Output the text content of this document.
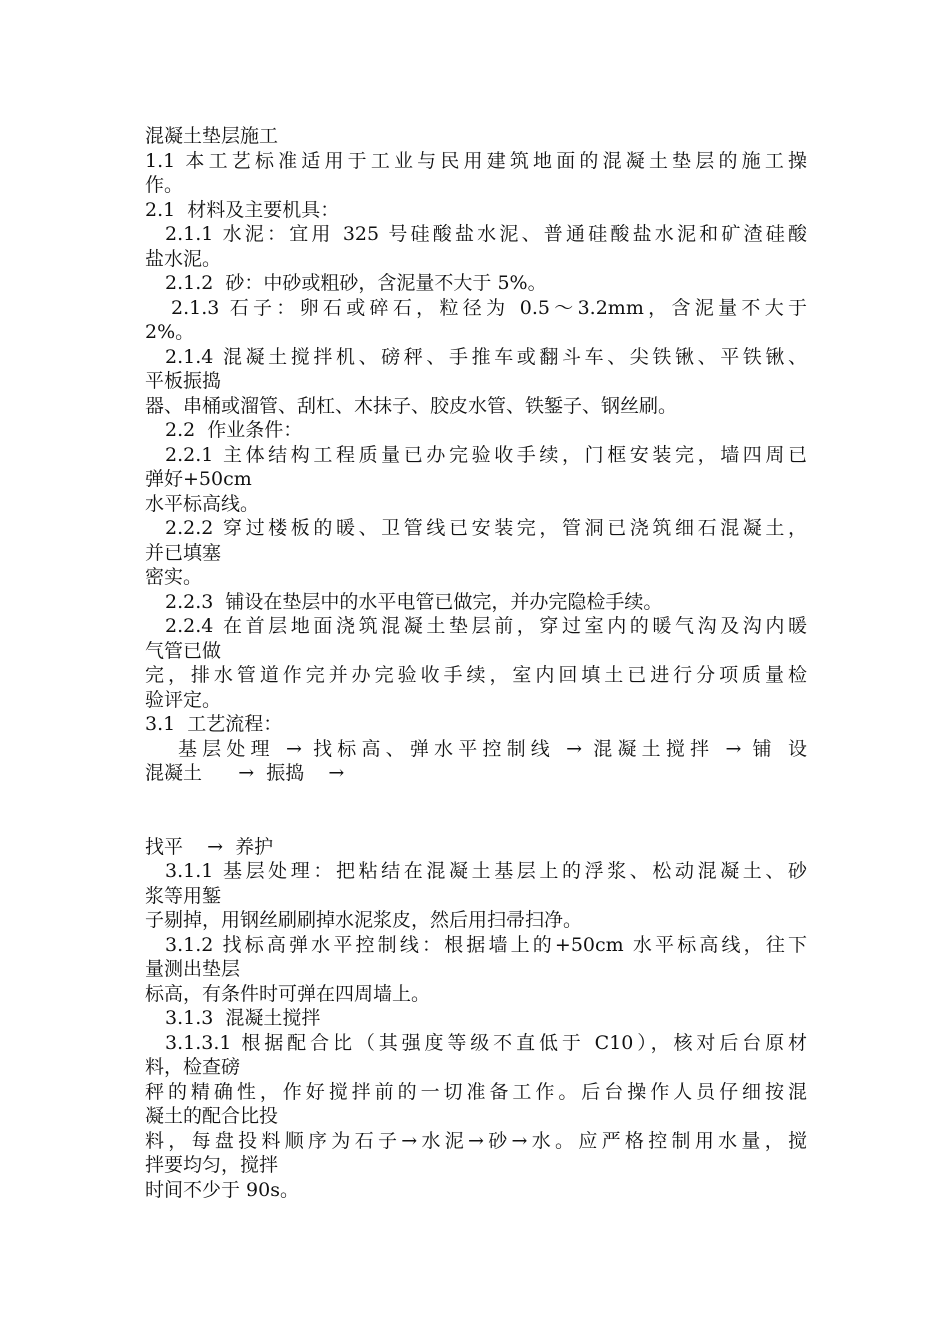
混凝土垫层施工
1.1 本工艺标准适用于工业与民用建筑地面的混凝土垫层的施工操
作。
2.1  材料及主要机具：
2.1.1 水泥：宜用 325 号硅酸盐水泥、普通硅酸盐水泥和矿渣硅酸
盐水泥。
2.1.2  砂：中砂或粗砂，含泥量不大于 5%。
2.1.3 石子：卵石或碎石，粒径为 0.5～3.2mm，含泥量不大于
2%。
2.1.4 混凝土搅拌机、磅秤、手推车或翻斗车、尖铁锹、平铁锹、
平板振捣
器、串桶或溜管、刮杠、木抹子、胶皮水管、铁錾子、钢丝刷。
2.2  作业条件：
2.2.1 主体结构工程质量已办完验收手续，门框安装完，墙四周已
弹好+50cm
水平标高线。
2.2.2 穿过楼板的暖、卫管线已安装完，管洞已浇筑细石混凝土，
并已填塞
密实。
2.2.3  铺设在垫层中的水平电管已做完，并办完隐检手续。
2.2.4 在首层地面浇筑混凝土垫层前，穿过室内的暖气沟及沟内暖
气管已做
完，排水管道作完并办完验收手续，室内回填土已进行分项质量检
验评定。
3.1  工艺流程：
基层处理 → 找标高、弹水平控制线 → 混凝土搅拌 → 铺 设
混凝土      →  振捣    →
找平    →  养护
3.1.1 基层处理：把粘结在混凝土基层上的浮浆、松动混凝土、砂
浆等用錾
子剔掉，用钢丝刷刷掉水泥浆皮，然后用扫帚扫净。
3.1.2 找标高弹水平控制线：根据墙上的+50cm 水平标高线，往下
量测出垫层
标高，有条件时可弹在四周墙上。
3.1.3  混凝土搅拌
3.1.3.1 根据配合比（其强度等级不直低于 C10），核对后台原材
料，检查磅
秤的精确性，作好搅拌前的一切准备工作。后台操作人员仔细按混
凝土的配合比投
料，每盘投料顺序为石子→水泥→砂→水。应严格控制用水量，搅
拌要均匀，搅拌
时间不少于 90s。
